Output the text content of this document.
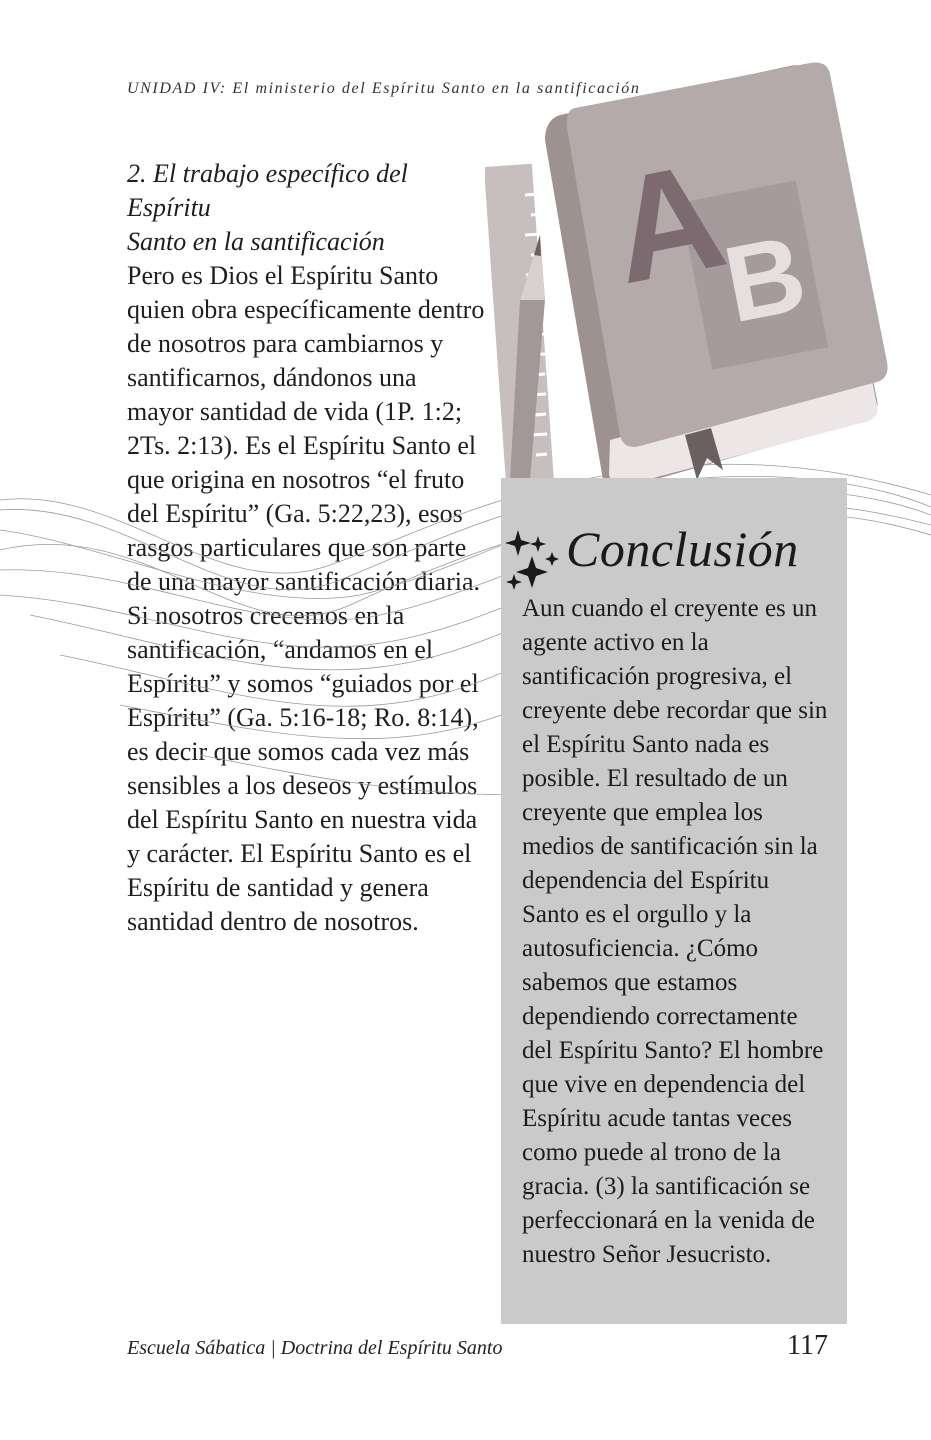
UNIDAD IV: El ministerio del Espíritu Santo en la santificación

2. El trabajo específico del Espíritu
Santo en la santificación

Pero es Dios el Espíritu Santo quien obra específicamente dentro de nosotros para cambiarnos y santificarnos, dándonos una mayor santidad de vida (1P. 1:2; 2Ts. 2:13). Es el Espíritu Santo el que origina en nosotros “el fruto del Espíritu” (Ga. 5:22,23), esos rasgos particulares que son parte de una mayor santificación diaria. Si nosotros crecemos en la santificación, “andamos en el Espíritu” y somos “guiados por el Espíritu” (Ga. 5:16-18; Ro. 8:14), es decir que somos cada vez más sensibles a los deseos y estímulos del Espíritu Santo en nuestra vida y carácter. El Espíritu Santo es el Espíritu de santidad y genera santidad dentro de nosotros.

B
A
Conclusión

Aun cuando el creyente es un agente activo en la santificación progresiva, el creyente debe recordar que sin el Espíritu Santo nada es posible. El resultado de un creyente que emplea los medios de santificación sin la dependencia del Espíritu Santo es el orgullo y la autosuficiencia. ¿Cómo sabemos que estamos dependiendo correctamente del Espíritu Santo? El hombre que vive en dependencia del Espíritu acude tantas veces como puede al trono de la gracia. (3) la santificación se perfeccionará en la venida de nuestro Señor Jesucristo.

Escuela Sábatica | Doctrina del Espíritu Santo	117
